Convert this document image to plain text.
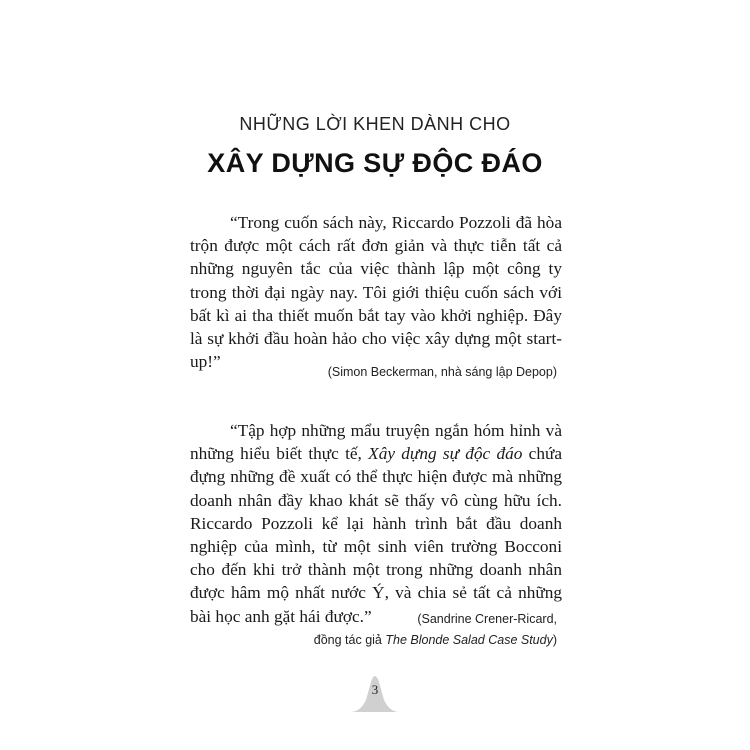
NHỮNG LỜI KHEN DÀNH CHO
XÂY DỰNG SỰ ĐỘC ĐÁO

“Trong cuốn sách này, Riccardo Pozzoli đã hòa trộn được một cách rất đơn giản và thực tiễn tất cả những nguyên tắc của việc thành lập một công ty trong thời đại ngày nay. Tôi giới thiệu cuốn sách với bất kì ai tha thiết muốn bắt tay vào khởi nghiệp. Đây là sự khởi đầu hoàn hảo cho việc xây dựng một start-up!”

(Simon Beckerman, nhà sáng lập Depop)

“Tập hợp những mẩu truyện ngắn hóm hỉnh và những hiểu biết thực tế, Xây dựng sự độc đáo chứa đựng những đề xuất có thể thực hiện được mà những doanh nhân đầy khao khát sẽ thấy vô cùng hữu ích. Riccardo Pozzoli kể lại hành trình bắt đầu doanh nghiệp của mình, từ một sinh viên trường Bocconi cho đến khi trở thành một trong những doanh nhân được hâm mộ nhất nước Ý, và chia sẻ tất cả những bài học anh gặt hái được.”	(Sandrine Crener-Ricard,
đồng tác giả The Blonde Salad Case Study)
3
